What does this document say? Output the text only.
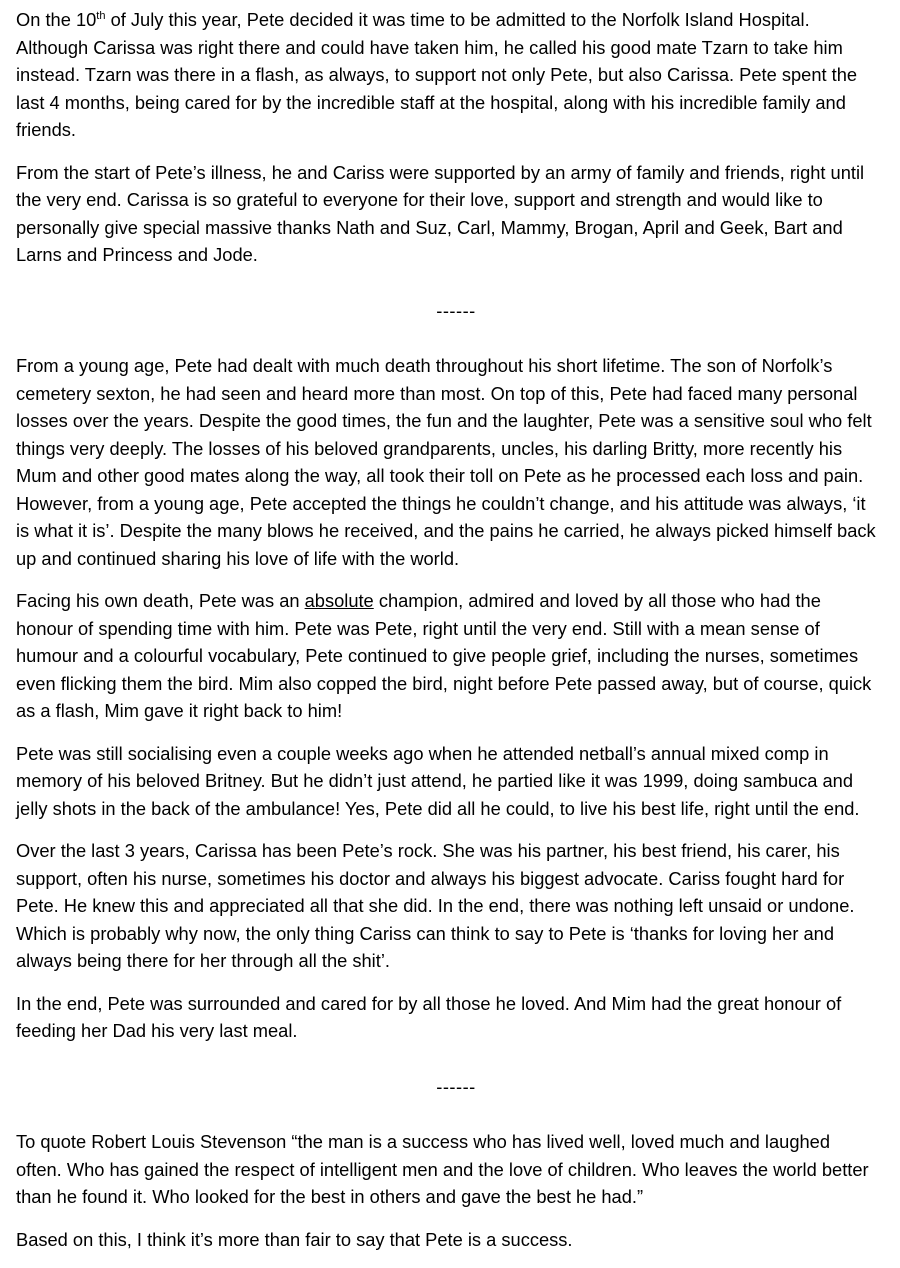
On the 10th of July this year, Pete decided it was time to be admitted to the Norfolk Island Hospital. Although Carissa was right there and could have taken him, he called his good mate Tzarn to take him instead. Tzarn was there in a flash, as always, to support not only Pete, but also Carissa. Pete spent the last 4 months, being cared for by the incredible staff at the hospital, along with his incredible family and friends.

From the start of Pete’s illness, he and Cariss were supported by an army of family and friends, right until the very end. Carissa is so grateful to everyone for their love, support and strength and would like to personally give special massive thanks Nath and Suz, Carl, Mammy, Brogan, April and Geek, Bart and Larns and Princess and Jode.

------

From a young age, Pete had dealt with much death throughout his short lifetime. The son of Norfolk’s cemetery sexton, he had seen and heard more than most. On top of this, Pete had faced many personal losses over the years. Despite the good times, the fun and the laughter, Pete was a sensitive soul who felt things very deeply. The losses of his beloved grandparents, uncles, his darling Britty, more recently his Mum and other good mates along the way, all took their toll on Pete as he processed each loss and pain. However, from a young age, Pete accepted the things he couldn’t change, and his attitude was always, ‘it is what it is’. Despite the many blows he received, and the pains he carried, he always picked himself back up and continued sharing his love of life with the world.

Facing his own death, Pete was an absolute champion, admired and loved by all those who had the honour of spending time with him. Pete was Pete, right until the very end. Still with a mean sense of humour and a colourful vocabulary, Pete continued to give people grief, including the nurses, sometimes even flicking them the bird. Mim also copped the bird, night before Pete passed away, but of course, quick as a flash, Mim gave it right back to him!

Pete was still socialising even a couple weeks ago when he attended netball’s annual mixed comp in memory of his beloved Britney. But he didn’t just attend, he partied like it was 1999, doing sambuca and jelly shots in the back of the ambulance! Yes, Pete did all he could, to live his best life, right until the end.

Over the last 3 years, Carissa has been Pete’s rock. She was his partner, his best friend, his carer, his support, often his nurse, sometimes his doctor and always his biggest advocate. Cariss fought hard for Pete. He knew this and appreciated all that she did. In the end, there was nothing left unsaid or undone. Which is probably why now, the only thing Cariss can think to say to Pete is ‘thanks for loving her and always being there for her through all the shit’.

In the end, Pete was surrounded and cared for by all those he loved. And Mim had the great honour of feeding her Dad his very last meal.

------

To quote Robert Louis Stevenson “the man is a success who has lived well, loved much and laughed often. Who has gained the respect of intelligent men and the love of children. Who leaves the world better than he found it. Who looked for the best in others and gave the best he had.”

Based on this, I think it’s more than fair to say that Pete is a success.
